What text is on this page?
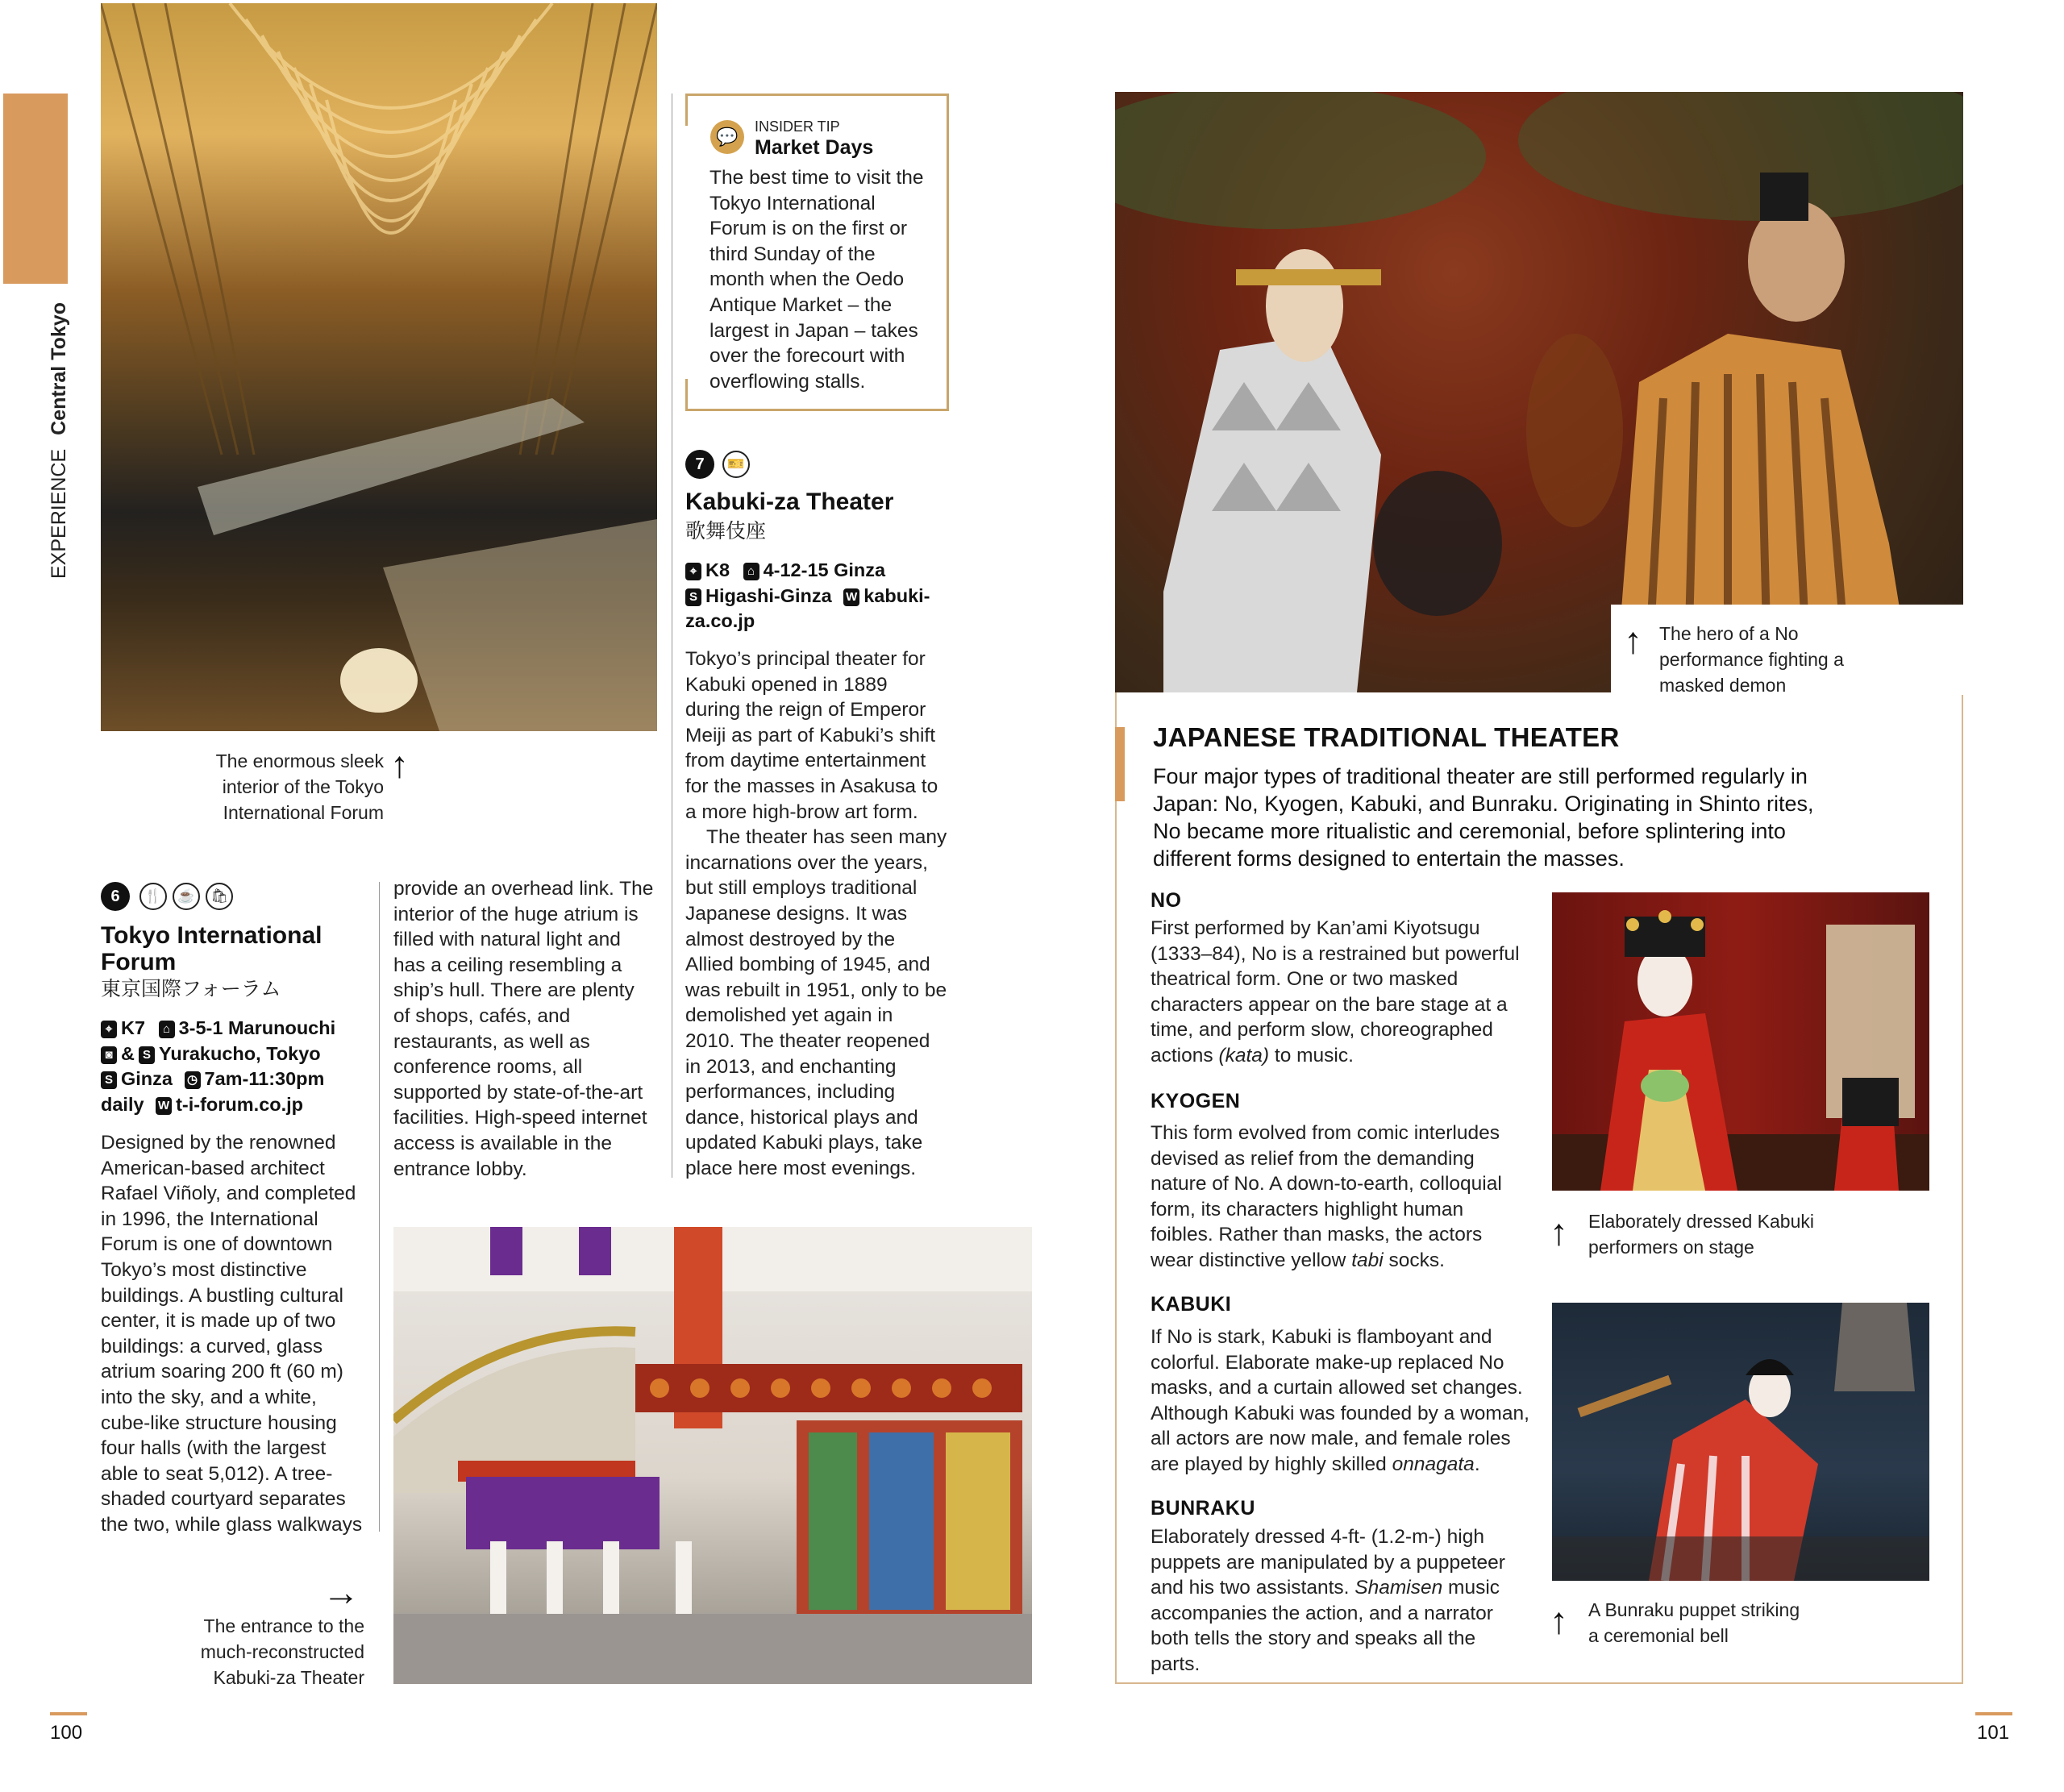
EXPERIENCE Central Tokyo
The enormous sleek interior of the Tokyo International Forum
↑
6	🍴	☕	🛍
Tokyo International Forum
東京国際フォーラム
⌖ K7 ⌂ 3-5-1 Marunouchi
◙ & S Yurakucho, Tokyo
S Ginza ◷ 7am-11:30pm daily W t-i-forum.co.jp

Designed by the renowned American-based architect Rafael Viñoly, and completed in 1996, the International Forum is one of downtown Tokyo’s most distinctive buildings. A bustling cultural center, it is made up of two buildings: a curved, glass atrium soaring 200 ft (60 m) into the sky, and a white, cube-like structure housing four halls (with the largest able to seat 5,012). A tree-shaded courtyard separates the two, while glass walkways

provide an overhead link. The interior of the huge atrium is filled with natural light and has a ceiling resembling a ship’s hull. There are plenty of shops, cafés, and restaurants, as well as conference rooms, all supported by state-of-the-art facilities. High-speed internet access is available in the entrance lobby.

💬	INSIDER TIP
Market Days
The best time to visit the Tokyo International Forum is on the first or third Sunday of the month when the Oedo Antique Market – the largest in Japan – takes over the forecourt with overflowing stalls.
7	🎫
Kabuki-za Theater
歌舞伎座
⌖ K8 ⌂ 4-12-15 Ginza
S Higashi-Ginza W kabuki-za.co.jp

Tokyo’s principal theater for Kabuki opened in 1889 during the reign of Emperor Meiji as part of Kabuki’s shift from daytime entertainment for the masses in Asakusa to a more high-brow art form.

The theater has seen many incarnations over the years, but still employs traditional Japanese designs. It was almost destroyed by the Allied bombing of 1945, and was rebuilt in 1951, only to be demolished yet again in 2010. The theater reopened in 2013, and enchanting performances, including dance, historical plays and updated Kabuki plays, take place here most evenings.

→
The entrance to the much-reconstructed Kabuki-za Theater
100
↑ The hero of a No performance fighting a masked demon
JAPANESE TRADITIONAL THEATER
Four major types of traditional theater are still performed regularly in Japan: No, Kyogen, Kabuki, and Bunraku. Originating in Shinto rites, No became more ritualistic and ceremonial, before splintering into different forms designed to entertain the masses.
NO
First performed by Kan’ami Kiyotsugu (1333–84), No is a restrained but powerful theatrical form. One or two masked characters appear on the bare stage at a time, and perform slow, choreographed actions (kata) to music.
KYOGEN
This form evolved from comic interludes devised as relief from the demanding nature of No. A down-to-earth, colloquial form, its characters highlight human foibles. Rather than masks, the actors wear distinctive yellow tabi socks.
KABUKI
If No is stark, Kabuki is flamboyant and colorful. Elaborate make-up replaced No masks, and a curtain allowed set changes. Although Kabuki was founded by a woman, all actors are now male, and female roles are played by highly skilled onnagata.
BUNRAKU
Elaborately dressed 4-ft- (1.2-m-) high puppets are manipulated by a puppeteer and his two assistants. Shamisen music accompanies the action, and a narrator both tells the story and speaks all the parts.
↑ Elaborately dressed Kabuki performers on stage
↑ A Bunraku puppet striking a ceremonial bell
101
